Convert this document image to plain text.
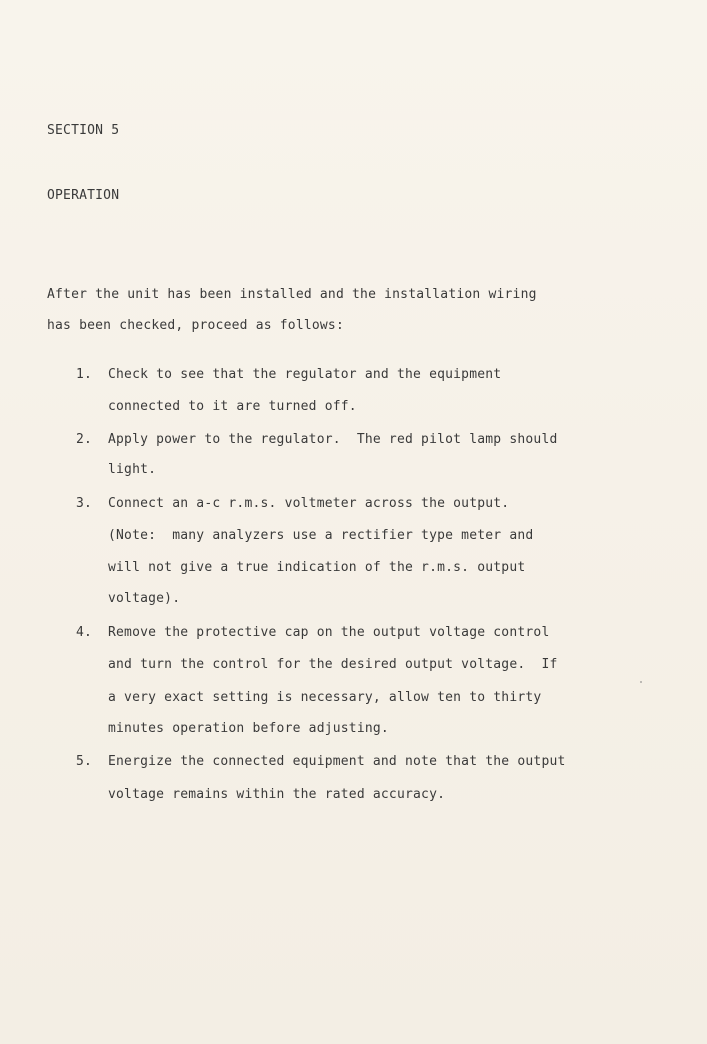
SECTION 5
OPERATION
After the unit has been installed and the installation wiring
has been checked, proceed as follows:
1. Check to see that the regulator and the equipment
connected to it are turned off.
2. Apply power to the regulator.  The red pilot lamp should
light.
3. Connect an a-c r.m.s. voltmeter across the output.
(Note:  many analyzers use a rectifier type meter and
will not give a true indication of the r.m.s. output
voltage).
4. Remove the protective cap on the output voltage control
and turn the control for the desired output voltage.  If
a very exact setting is necessary, allow ten to thirty
minutes operation before adjusting.
5. Energize the connected equipment and note that the output
voltage remains within the rated accuracy.
